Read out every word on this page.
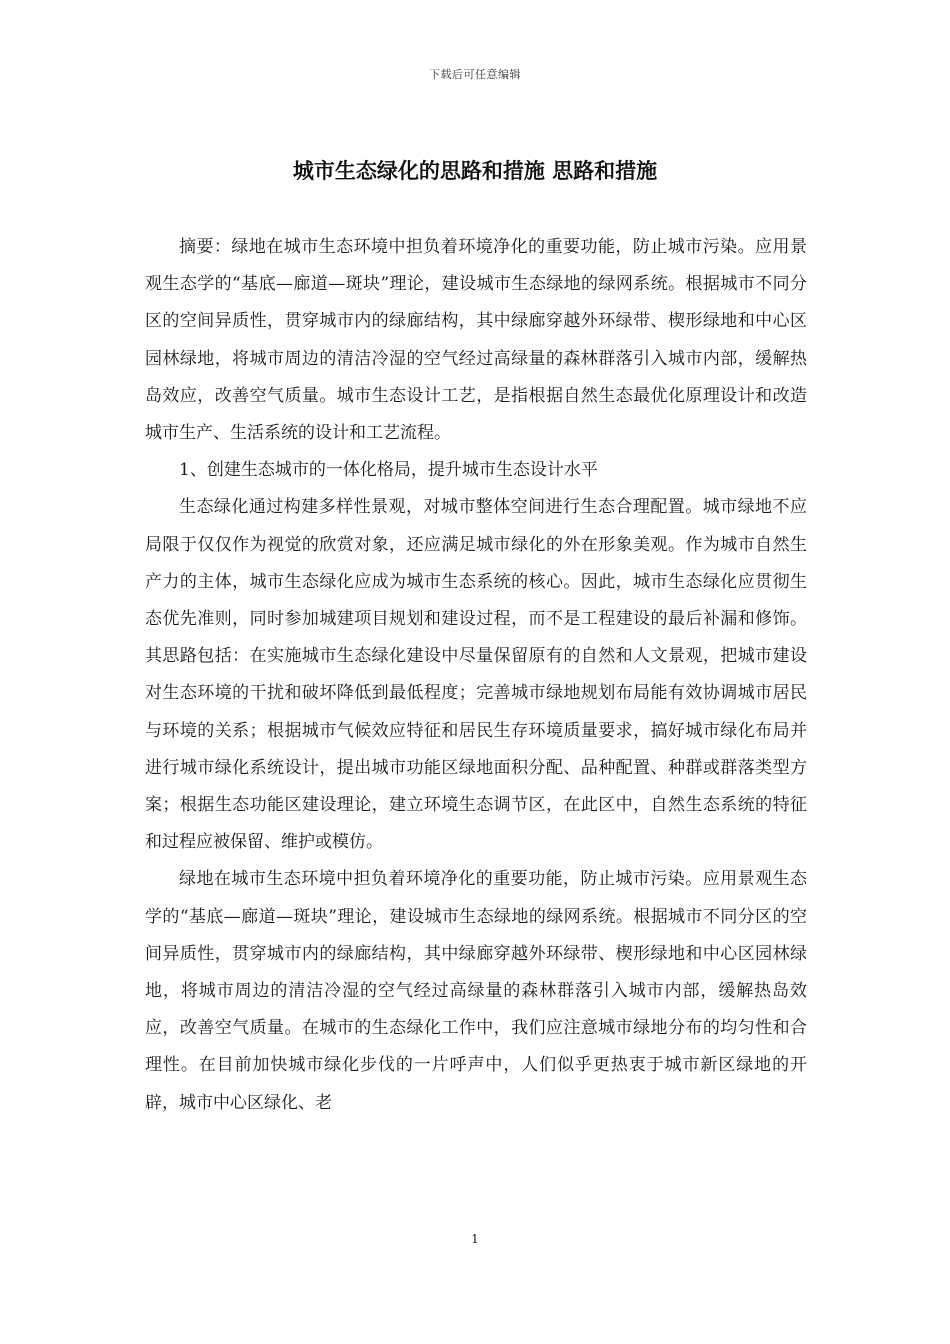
下载后可任意编辑
城市生态绿化的思路和措施 思路和措施

摘要：绿地在城市生态环境中担负着环境净化的重要功能，防止城市污染。应用景观生态学的“基底—廊道—斑块”理论，建设城市生态绿地的绿网系统。根据城市不同分区的空间异质性，贯穿城市内的绿廊结构，其中绿廊穿越外环绿带、楔形绿地和中心区园林绿地，将城市周边的清洁冷湿的空气经过高绿量的森林群落引入城市内部，缓解热岛效应，改善空气质量。城市生态设计工艺，是指根据自然生态最优化原理设计和改造城市生产、生活系统的设计和工艺流程。

1、创建生态城市的一体化格局，提升城市生态设计水平

生态绿化通过构建多样性景观，对城市整体空间进行生态合理配置。城市绿地不应局限于仅仅作为视觉的欣赏对象，还应满足城市绿化的外在形象美观。作为城市自然生产力的主体，城市生态绿化应成为城市生态系统的核心。因此，城市生态绿化应贯彻生态优先准则，同时参加城建项目规划和建设过程，而不是工程建设的最后补漏和修饰。其思路包括：在实施城市生态绿化建设中尽量保留原有的自然和人文景观，把城市建设对生态环境的干扰和破坏降低到最低程度；完善城市绿地规划布局能有效协调城市居民与环境的关系；根据城市气候效应特征和居民生存环境质量要求，搞好城市绿化布局并进行城市绿化系统设计，提出城市功能区绿地面积分配、品种配置、种群或群落类型方案；根据生态功能区建设理论，建立环境生态调节区，在此区中，自然生态系统的特征和过程应被保留、维护或模仿。

绿地在城市生态环境中担负着环境净化的重要功能，防止城市污染。应用景观生态学的“基底—廊道—斑块”理论，建设城市生态绿地的绿网系统。根据城市不同分区的空间异质性，贯穿城市内的绿廊结构，其中绿廊穿越外环绿带、楔形绿地和中心区园林绿地，将城市周边的清洁冷湿的空气经过高绿量的森林群落引入城市内部，缓解热岛效应，改善空气质量。在城市的生态绿化工作中，我们应注意城市绿地分布的均匀性和合理性。在目前加快城市绿化步伐的一片呼声中，人们似乎更热衷于城市新区绿地的开辟，城市中心区绿化、老

1
